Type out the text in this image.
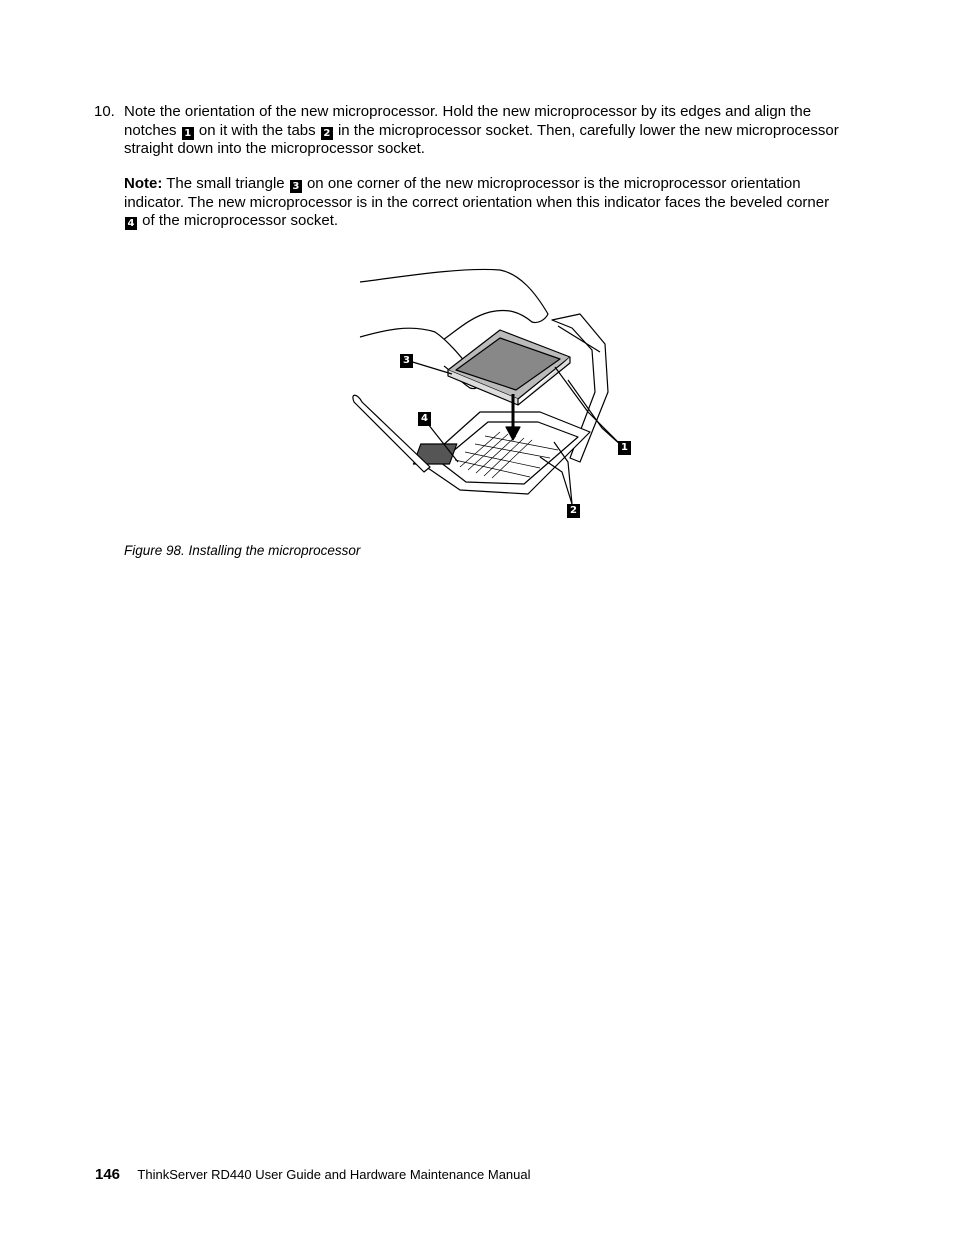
10. Note the orientation of the new microprocessor. Hold the new microprocessor by its edges and align the notches 1 on it with the tabs 2 in the microprocessor socket. Then, carefully lower the new microprocessor straight down into the microprocessor socket.
Note: The small triangle 3 on one corner of the new microprocessor is the microprocessor orientation indicator. The new microprocessor is in the correct orientation when this indicator faces the beveled corner 4 of the microprocessor socket.
3
4
1
2
Figure 98. Installing the microprocessor
146 ThinkServer RD440 User Guide and Hardware Maintenance Manual
